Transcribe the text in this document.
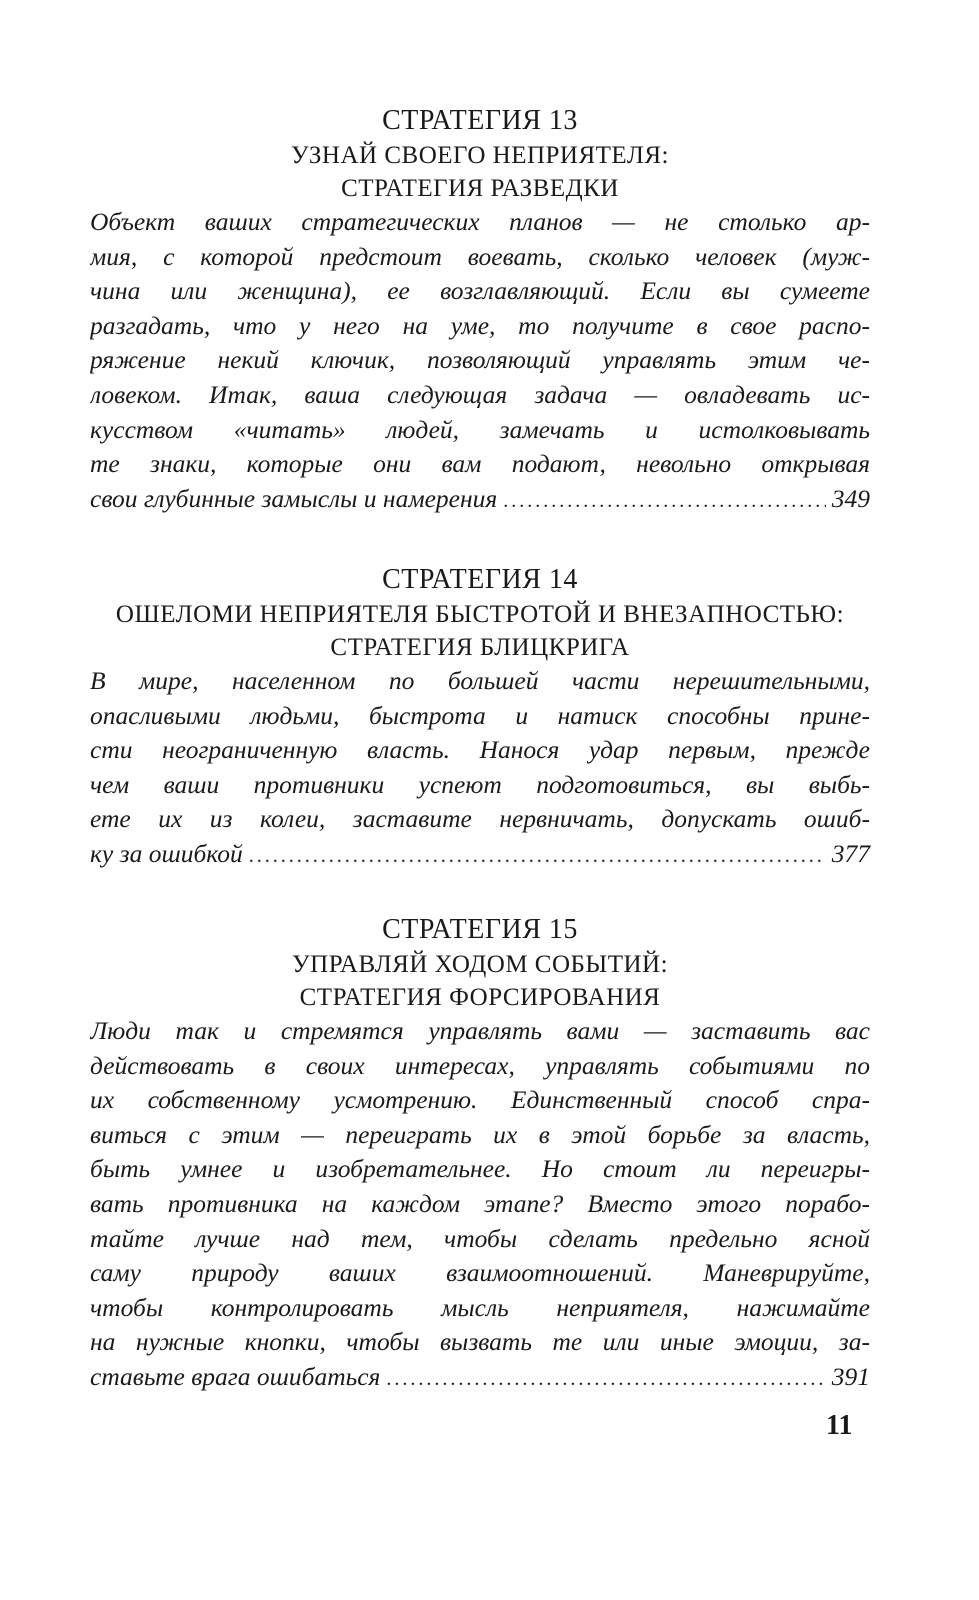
СТРАТЕГИЯ 13

УЗНАЙ СВОЕГО НЕПРИЯТЕЛЯ:

СТРАТЕГИЯ РАЗВЕДКИ

Объект ваших стратегических планов — не столько ар-
мия, с которой предстоит воевать, сколько человек (муж-
чина или женщина), ее возглавляющий. Если вы сумеете
разгадать, что у него на уме, то получите в свое распо-
ряжение некий ключик, позволяющий управлять этим че-
ловеком. Итак, ваша следующая задача — овладевать ис-
кусством «читать» людей, замечать и истолковывать
те знаки, которые они вам подают, невольно открывая
свои глубинные замыслы и намерения .....	349

СТРАТЕГИЯ 14

ОШЕЛОМИ НЕПРИЯТЕЛЯ БЫСТРОТОЙ И ВНЕЗАПНОСТЬЮ:

СТРАТЕГИЯ БЛИЦКРИГА

В мире, населенном по большей части нерешительными,
опасливыми людьми, быстрота и натиск способны прине-
сти неограниченную власть. Нанося удар первым, прежде
чем ваши противники успеют подготовиться, вы выбь-
ете их из колеи, заставите нервничать, допускать ошиб-
ку за ошибкой .....	377

СТРАТЕГИЯ 15

УПРАВЛЯЙ ХОДОМ СОБЫТИЙ:

СТРАТЕГИЯ ФОРСИРОВАНИЯ

Люди так и стремятся управлять вами — заставить вас
действовать в своих интересах, управлять событиями по
их собственному усмотрению. Единственный способ спра-
виться с этим — переиграть их в этой борьбе за власть,
быть умнее и изобретательнее. Но стоит ли переигры-
вать противника на каждом этапе? Вместо этого порабо-
тайте лучше над тем, чтобы сделать предельно ясной
саму природу ваших взаимоотношений. Маневрируйте,
чтобы контролировать мысль неприятеля, нажимайте
на нужные кнопки, чтобы вызвать те или иные эмоции, за-
ставьте врага ошибаться .....	391
11
